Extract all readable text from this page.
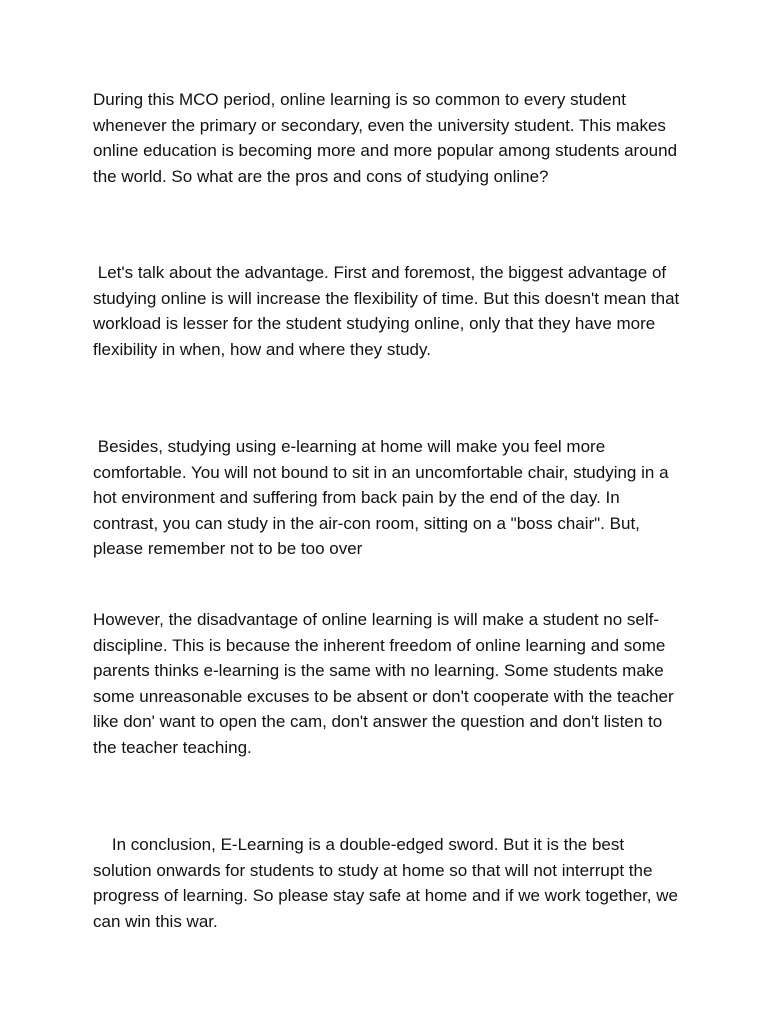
During this MCO period, online learning is so common to every student whenever the primary or secondary, even the university student. This makes online education is becoming more and more popular among students around the world. So what are the pros and cons of studying online?

Let's talk about the advantage. First and foremost, the biggest advantage of studying online is will increase the flexibility of time. But this doesn't mean that workload is lesser for the student studying online, only that they have more flexibility in when, how and where they study.

Besides, studying using e-learning at home will make you feel more comfortable. You will not bound to sit in an uncomfortable chair, studying in a hot environment and suffering from back pain by the end of the day. In contrast, you can study in the air-con room, sitting on a "boss chair". But, please remember not to be too over

However, the disadvantage of online learning is will make a student no self-discipline. This is because the inherent freedom of online learning and some parents thinks e-learning is the same with no learning. Some students make some unreasonable excuses to be absent or don't cooperate with the teacher like don' want to open the cam, don't answer the question and don't listen to the teacher teaching.

In conclusion, E-Learning is a double-edged sword. But it is the best solution onwards for students to study at home so that will not interrupt the progress of learning. So please stay safe at home and if we work together, we can win this war.
